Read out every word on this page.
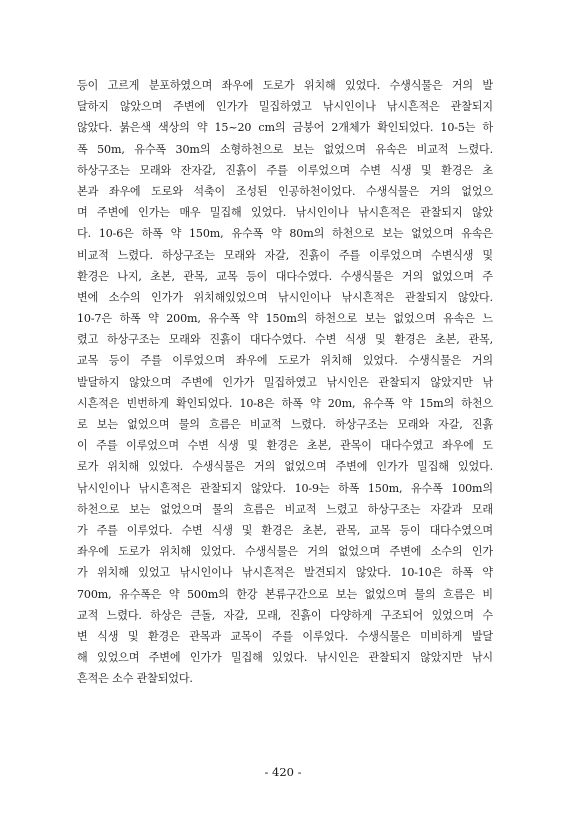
등이 고르게 분포하였으며 좌우에 도로가 위치해 있었다. 수생식물은 거의 발
달하지 않았으며 주변에 인가가 밀집하였고 낚시인이나 낚시흔적은 관찰되지
않았다. 붉은색 색상의 약 15~20 cm의 금붕어 2개체가 확인되었다. 10-5는 하
폭 50m, 유수폭 30m의 소형하천으로 보는 없었으며 유속은 비교적 느렸다.
하상구조는 모래와 잔자갈, 진흙이 주를 이루었으며 수변 식생 및 환경은 초
본과 좌우에 도로와 석축이 조성된 인공하천이었다. 수생식물은 거의 없었으
며 주변에 인가는 매우 밀집해 있었다. 낚시인이나 낚시흔적은 관찰되지 않았
다. 10-6은 하폭 약 150m, 유수폭 약 80m의 하천으로 보는 없었으며 유속은
비교적 느렸다. 하상구조는 모래와 자갈, 진흙이 주를 이루었으며 수변식생 및
환경은 나지, 초본, 관목, 교목 등이 대다수였다. 수생식물은 거의 없었으며 주
변에 소수의 인가가 위치해있었으며 낚시인이나 낚시흔적은 관찰되지 않았다.
10-7은 하폭 약 200m, 유수폭 약 150m의 하천으로 보는 없었으며 유속은 느
렸고 하상구조는 모래와 진흙이 대다수였다. 수변 식생 및 환경은 초본, 관목,
교목 등이 주를 이루었으며 좌우에 도로가 위치해 있었다. 수생식물은 거의
발달하지 않았으며 주변에 인가가 밀집하였고 낚시인은 관찰되지 않았지만 낚
시흔적은 빈번하게 확인되었다. 10-8은 하폭 약 20m, 유수폭 약 15m의 하천으
로 보는 없었으며 물의 흐름은 비교적 느렸다. 하상구조는 모래와 자갈, 진흙
이 주를 이루었으며 수변 식생 및 환경은 초본, 관목이 대다수였고 좌우에 도
로가 위치해 있었다. 수생식물은 거의 없었으며 주변에 인가가 밀집해 있었다.
낚시인이나 낚시흔적은 관찰되지 않았다. 10-9는 하폭 150m, 유수폭 100m의
하천으로 보는 없었으며 물의 흐름은 비교적 느렸고 하상구조는 자갈과 모래
가 주를 이루었다. 수변 식생 및 환경은 초본, 관목, 교목 등이 대다수였으며
좌우에 도로가 위치해 있었다. 수생식물은 거의 없었으며 주변에 소수의 인가
가 위치해 있었고 낚시인이나 낚시흔적은 발견되지 않았다. 10-10은 하폭 약
700m, 유수폭은 약 500m의 한강 본류구간으로 보는 없었으며 물의 흐름은 비
교적 느렸다. 하상은 큰돌, 자갈, 모래, 진흙이 다양하게 구조되어 있었으며 수
변 식생 및 환경은 관목과 교목이 주를 이루었다. 수생식물은 미비하게 발달
해 있었으며 주변에 인가가 밀집해 있었다. 낚시인은 관찰되지 않았지만 낚시
흔적은 소수 관찰되었다.
- 420 -
